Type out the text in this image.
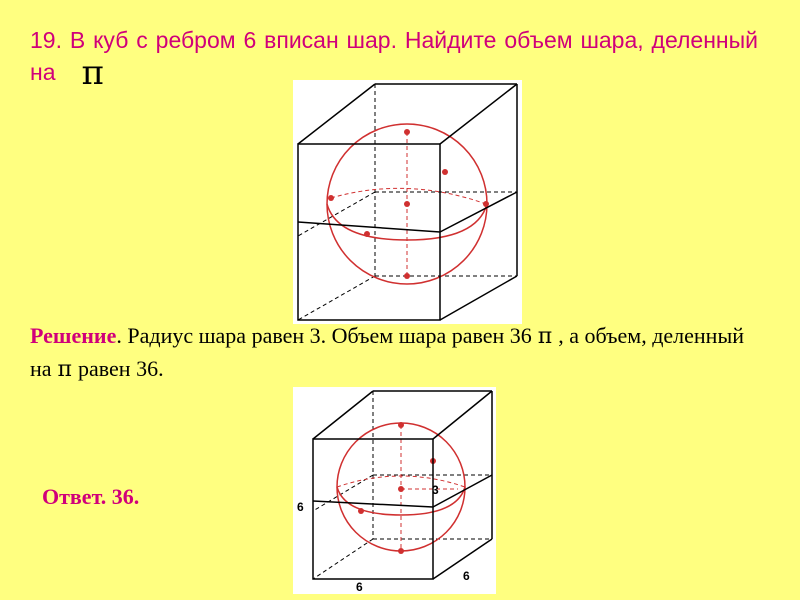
19. В куб с ребром 6 вписан шар. Найдите объем шара, деленный на π

Решение. Радиус шара равен 3. Объем шара равен 36 π , а объем, деленный на π равен 36.

3
6
6
6

Ответ. 36.
